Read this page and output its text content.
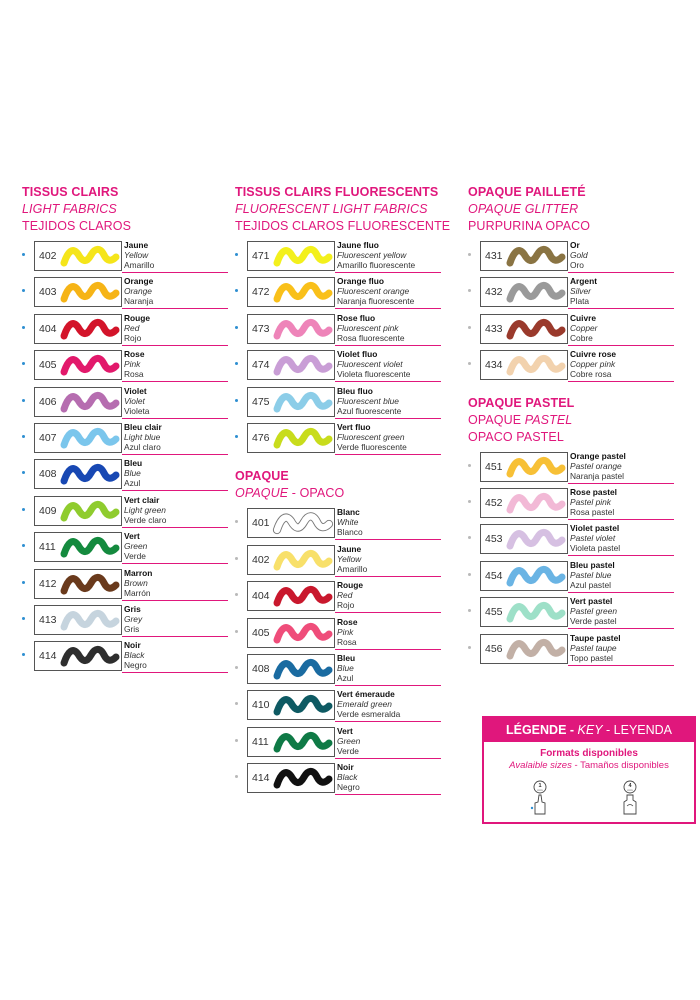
TISSUS CLAIRS
LIGHT FABRICS
TEJIDOS CLAROS
402
Jaune
Yellow
Amarillo
403
Orange
Orange
Naranja
404
Rouge
Red
Rojo
405
Rose
Pink
Rosa
406
Violet
Violet
Violeta
407
Bleu clair
Light blue
Azul claro
408
Bleu
Blue
Azul
409
Vert clair
Light green
Verde claro
411
Vert
Green
Verde
412
Marron
Brown
Marrón
413
Gris
Grey
Gris
414
Noir
Black
Negro
TISSUS CLAIRS FLUORESCENTS
FLUORESCENT LIGHT FABRICS
TEJIDOS CLAROS FLUORESCENTE
471
Jaune fluo
Fluorescent yellow
Amarillo fluorescente
472
Orange fluo
Fluorescent orange
Naranja fluorescente
473
Rose fluo
Fluorescent pink
Rosa fluorescente
474
Violet fluo
Fluorescent violet
Violeta fluorescente
475
Bleu fluo
Fluorescent blue
Azul fluorescente
476
Vert fluo
Fluorescent green
Verde fluorescente
OPAQUE
OPAQUE - OPACO
401
Blanc
White
Blanco
402
Jaune
Yellow
Amarillo
404
Rouge
Red
Rojo
405
Rose
Pink
Rosa
408
Bleu
Blue
Azul
410
Vert émeraude
Emerald green
Verde esmeralda
411
Vert
Green
Verde
414
Noir
Black
Negro
OPAQUE PAILLETÉ
OPAQUE GLITTER
PURPURINA OPACO
431
Or
Gold
Oro
432
Argent
Silver
Plata
433
Cuivre
Copper
Cobre
434
Cuivre rose
Copper pink
Cobre rosa
OPAQUE PASTEL
OPAQUE PASTEL
OPACO PASTEL
451
Orange pastel
Pastel orange
Naranja pastel
452
Rose pastel
Pastel pink
Rosa pastel
453
Violet pastel
Pastel violet
Violeta pastel
454
Bleu pastel
Pastel blue
Azul pastel
455
Vert pastel
Pastel green
Verde pastel
456
Taupe pastel
Pastel taupe
Topo pastel
LÉGENDE - KEY - LEYENDA
Formats disponibles
Avalaible sizes - Tamaños disponibles
1
mm
4
mm
